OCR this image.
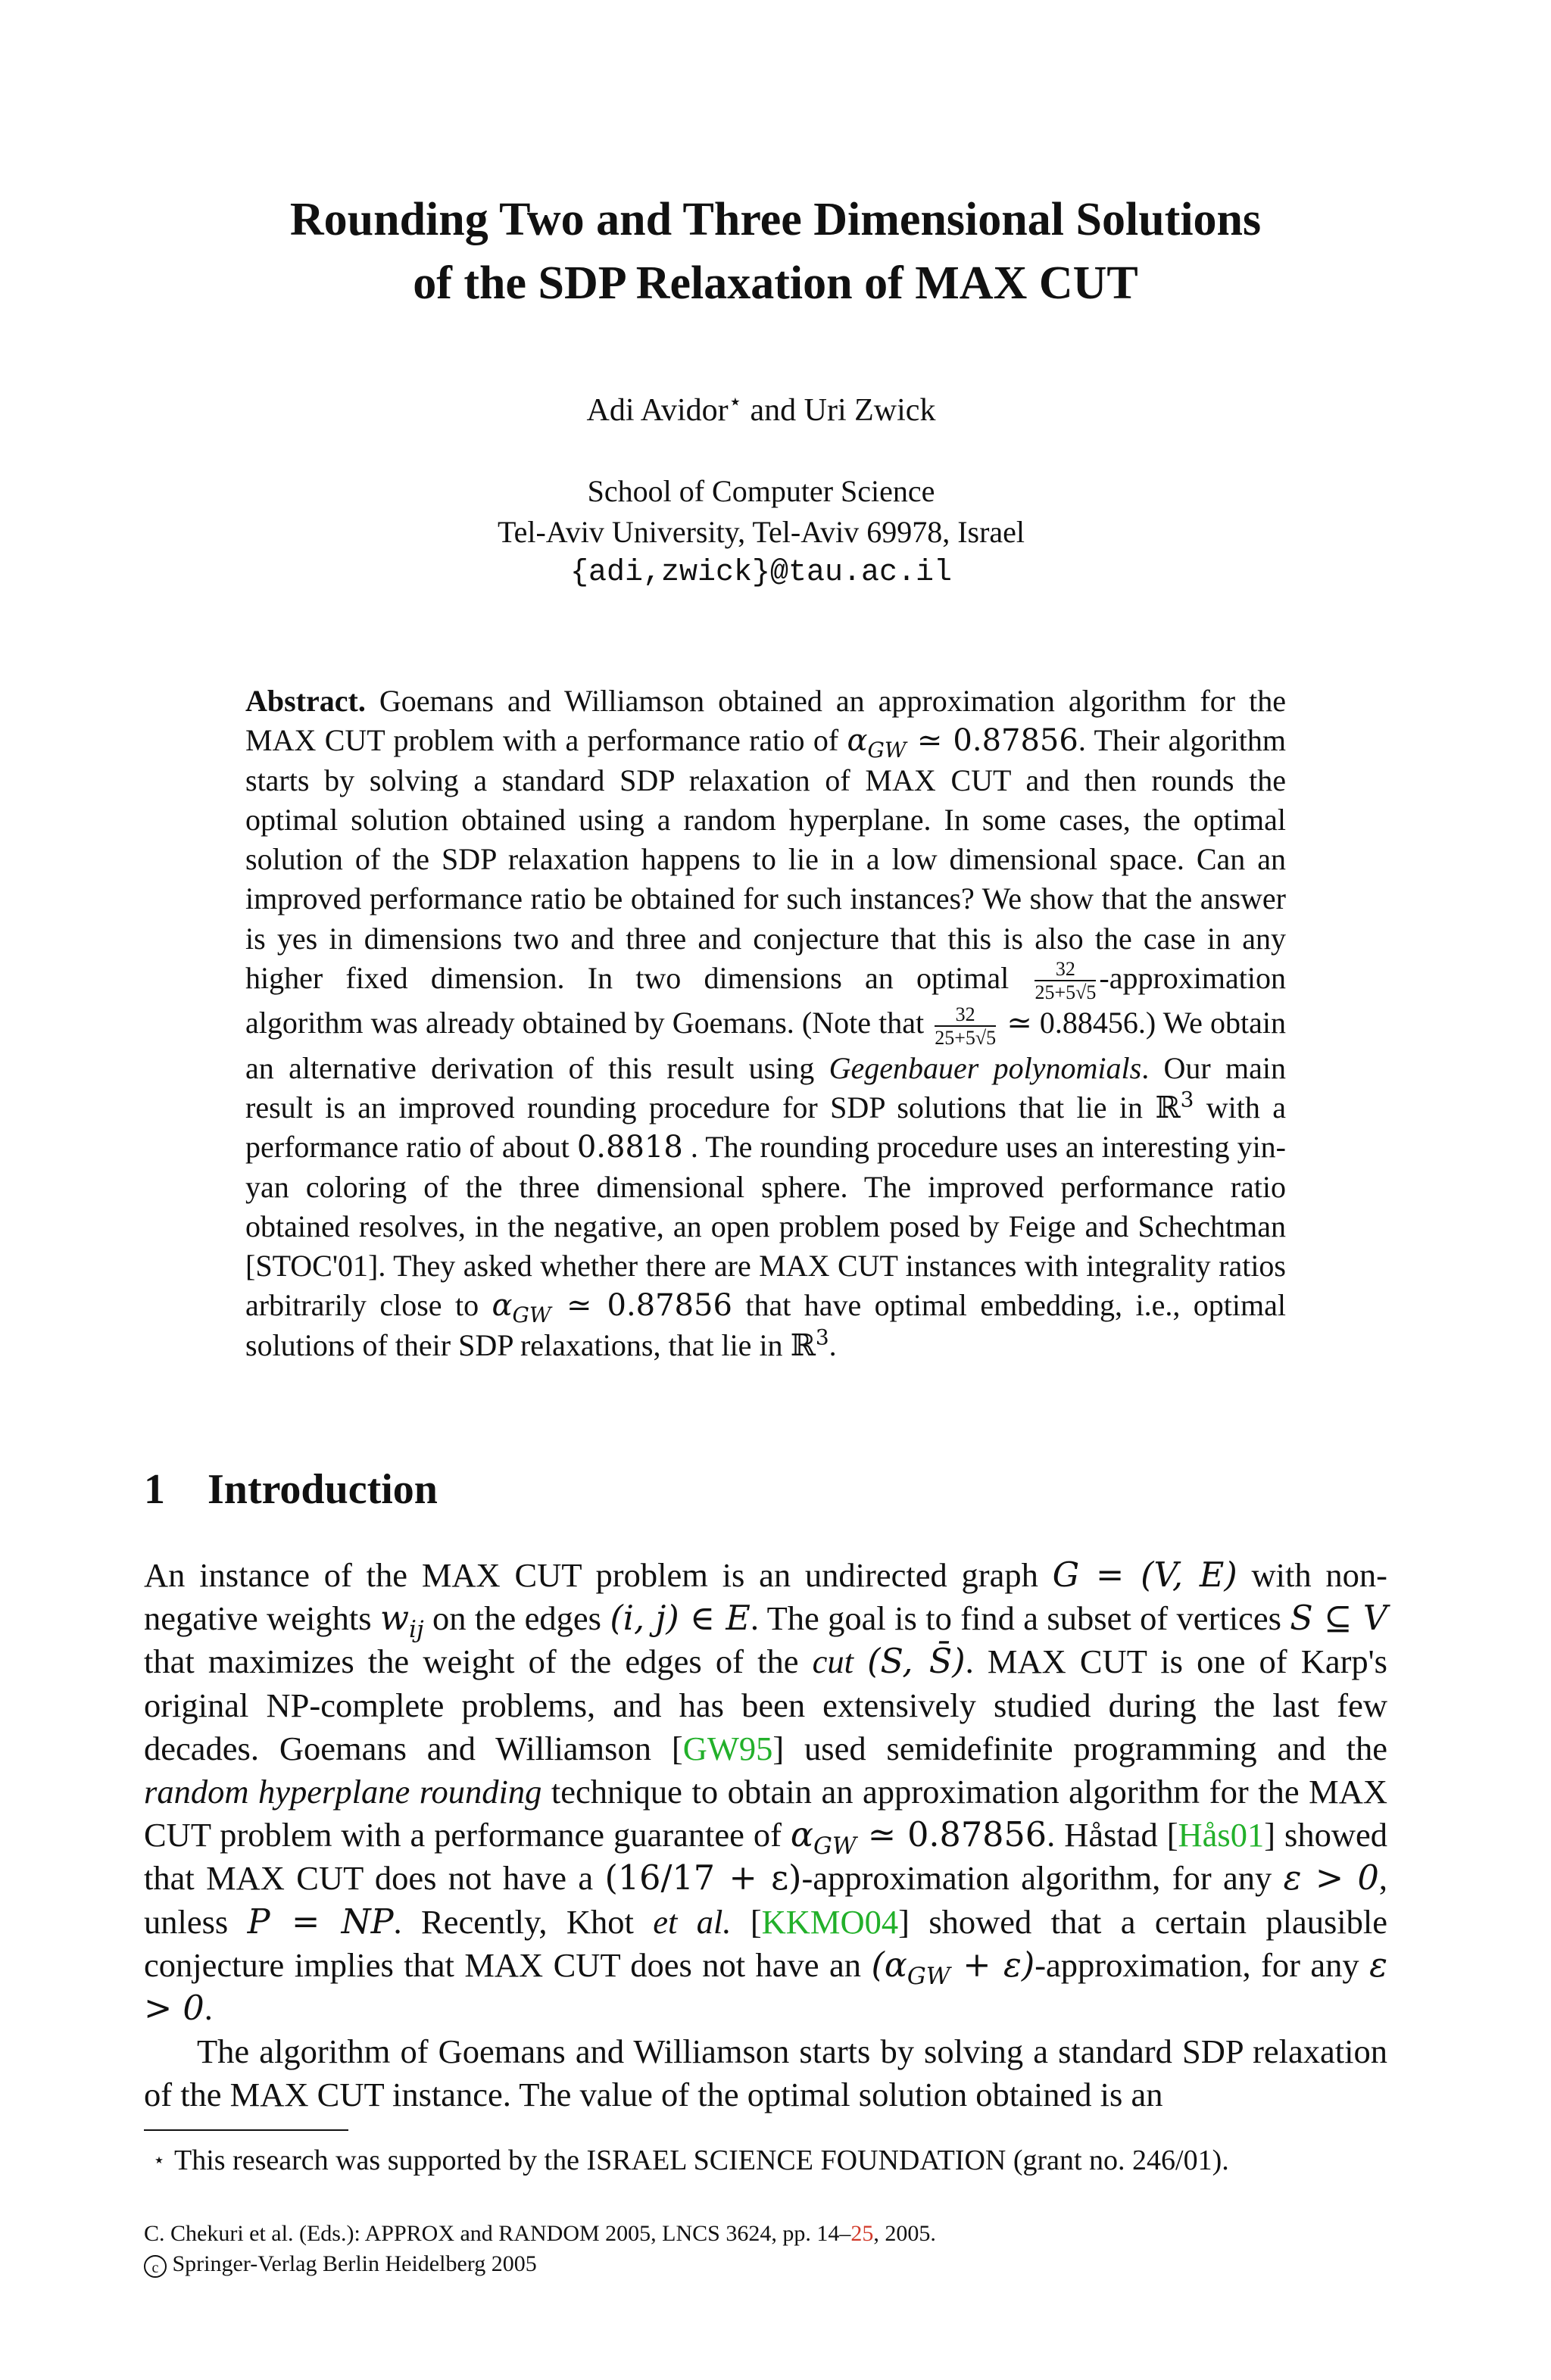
Rounding Two and Three Dimensional Solutions
of the SDP Relaxation of MAX CUT
Adi Avidor⋆ and Uri Zwick
School of Computer Science
Tel-Aviv University, Tel-Aviv 69978, Israel
{adi,zwick}@tau.ac.il
Abstract. Goemans and Williamson obtained an approximation algorithm for the MAX CUT problem with a performance ratio of $\alpha_{GW}$ ≃ 0.87856. Their algorithm starts by solving a standard SDP relaxation of MAX CUT and then rounds the optimal solution obtained using a random hyperplane. In some cases, the optimal solution of the SDP relaxation happens to lie in a low dimensional space. Can an improved performance ratio be obtained for such instances? We show that the answer is yes in dimensions two and three and conjecture that this is also the case in any higher fixed dimension. In two dimensions an optimal $\frac{32}{25+5√5}$ -approximation algorithm was already obtained by Goemans. (Note that $\frac{32}{25+5√5}$ ≃ 0.88456.) We obtain an alternative derivation of this result using Gegenbauer polynomials. Our main result is an improved rounding procedure for SDP solutions that lie in ℝ$^3$ with a performance ratio of about 0.8818 . The rounding procedure uses an interesting yin-yan coloring of the three dimensional sphere. The improved performance ratio obtained resolves, in the negative, an open problem posed by Feige and Schechtman [STOC'01]. They asked whether there are MAX CUT instances with integrality ratios arbitrarily close to $\alpha_{GW}$ ≃ 0.87856 that have optimal embedding, i.e., optimal solutions of their SDP relaxations, that lie in ℝ$^3$.
1 Introduction

An instance of the MAX CUT problem is an undirected graph G = (V, E) with non-negative weights $w_{ij}$ on the edges (i, j) ∈ E. The goal is to find a subset of vertices S ⊆ V that maximizes the weight of the edges of the cut (S, S̄). MAX CUT is one of Karp's original NP-complete problems, and has been extensively studied during the last few decades. Goemans and Williamson [GW95] used semidefinite programming and the random hyperplane rounding technique to obtain an approximation algorithm for the MAX CUT problem with a performance guarantee of $\alpha_{GW}$ ≃ 0.87856. Håstad [Hås01] showed that MAX CUT does not have a (16/17 + ε)-approximation algorithm, for any ε > 0, unless P = NP. Recently, Khot et al. [KKMO04] showed that a certain plausible conjecture implies that MAX CUT does not have an ($\alpha_{GW}$ + ε)-approximation, for any ε > 0.

The algorithm of Goemans and Williamson starts by solving a standard SDP relaxation of the MAX CUT instance. The value of the optimal solution obtained is an

⋆ This research was supported by the ISRAEL SCIENCE FOUNDATION (grant no. 246/01).
C. Chekuri et al. (Eds.): APPROX and RANDOM 2005, LNCS 3624, pp. 14–25, 2005.
c Springer-Verlag Berlin Heidelberg 2005
